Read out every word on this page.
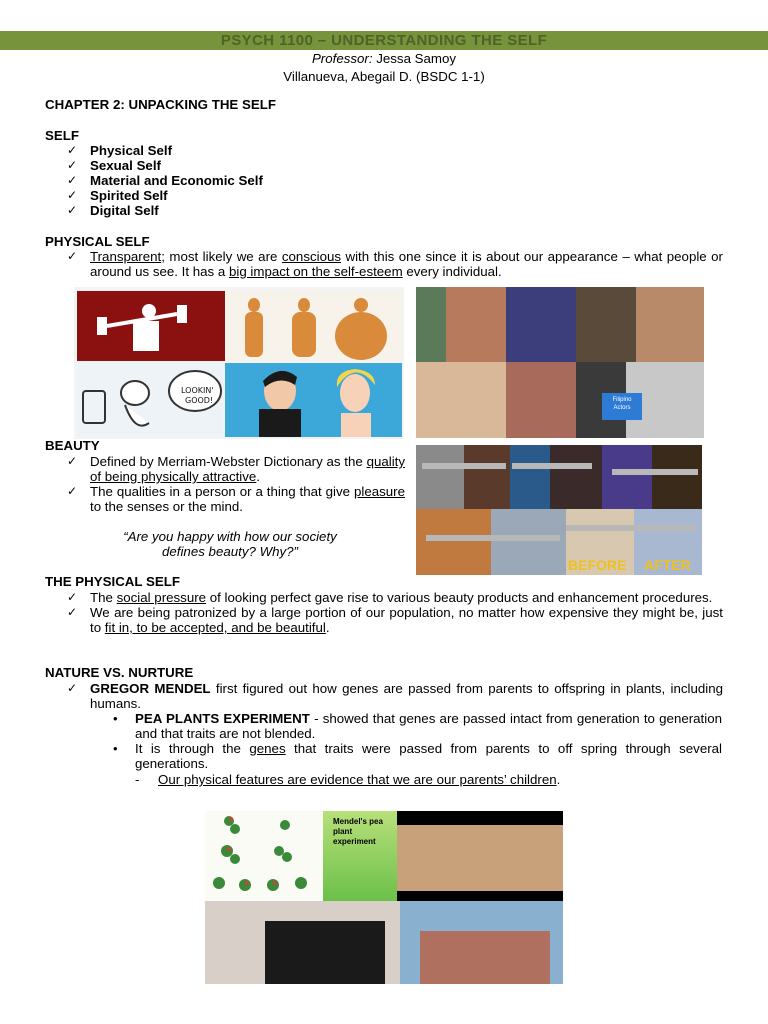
PSYCH 1100 – UNDERSTANDING THE SELF
Professor: Jessa Samoy
Villanueva, Abegail D. (BSDC 1-1)
CHAPTER 2: UNPACKING THE SELF
SELF
✓ Physical Self
✓ Sexual Self
✓ Material and Economic Self
✓ Spirited Self
✓ Digital Self
PHYSICAL SELF
✓ Transparent; most likely we are conscious with this one since it is about our appearance – what people or around us see. It has a big impact on the self-esteem every individual.
LOOKIN'
GOOD!	Filipino
Actors
BEAUTY
✓ Defined by Merriam-Webster Dictionary as the quality of being physically attractive.
✓ The qualities in a person or a thing that give pleasure to the senses or the mind.
“Are you happy with how our society
defines beauty? Why?”
BEFORE AFTER
THE PHYSICAL SELF
✓ The social pressure of looking perfect gave rise to various beauty products and enhancement procedures.
✓ We are being patronized by a large portion of our population, no matter how expensive they might be, just to fit in, to be accepted, and be beautiful.
NATURE VS. NURTURE
✓ GREGOR MENDEL first figured out how genes are passed from parents to offspring in plants, including humans.
• PEA PLANTS EXPERIMENT - showed that genes are passed intact from generation to generation and that traits are not blended.
• It is through the genes that traits were passed from parents to off spring through several generations.
- Our physical features are evidence that we are our parents’ children.
Mendel's pea plant experiment
